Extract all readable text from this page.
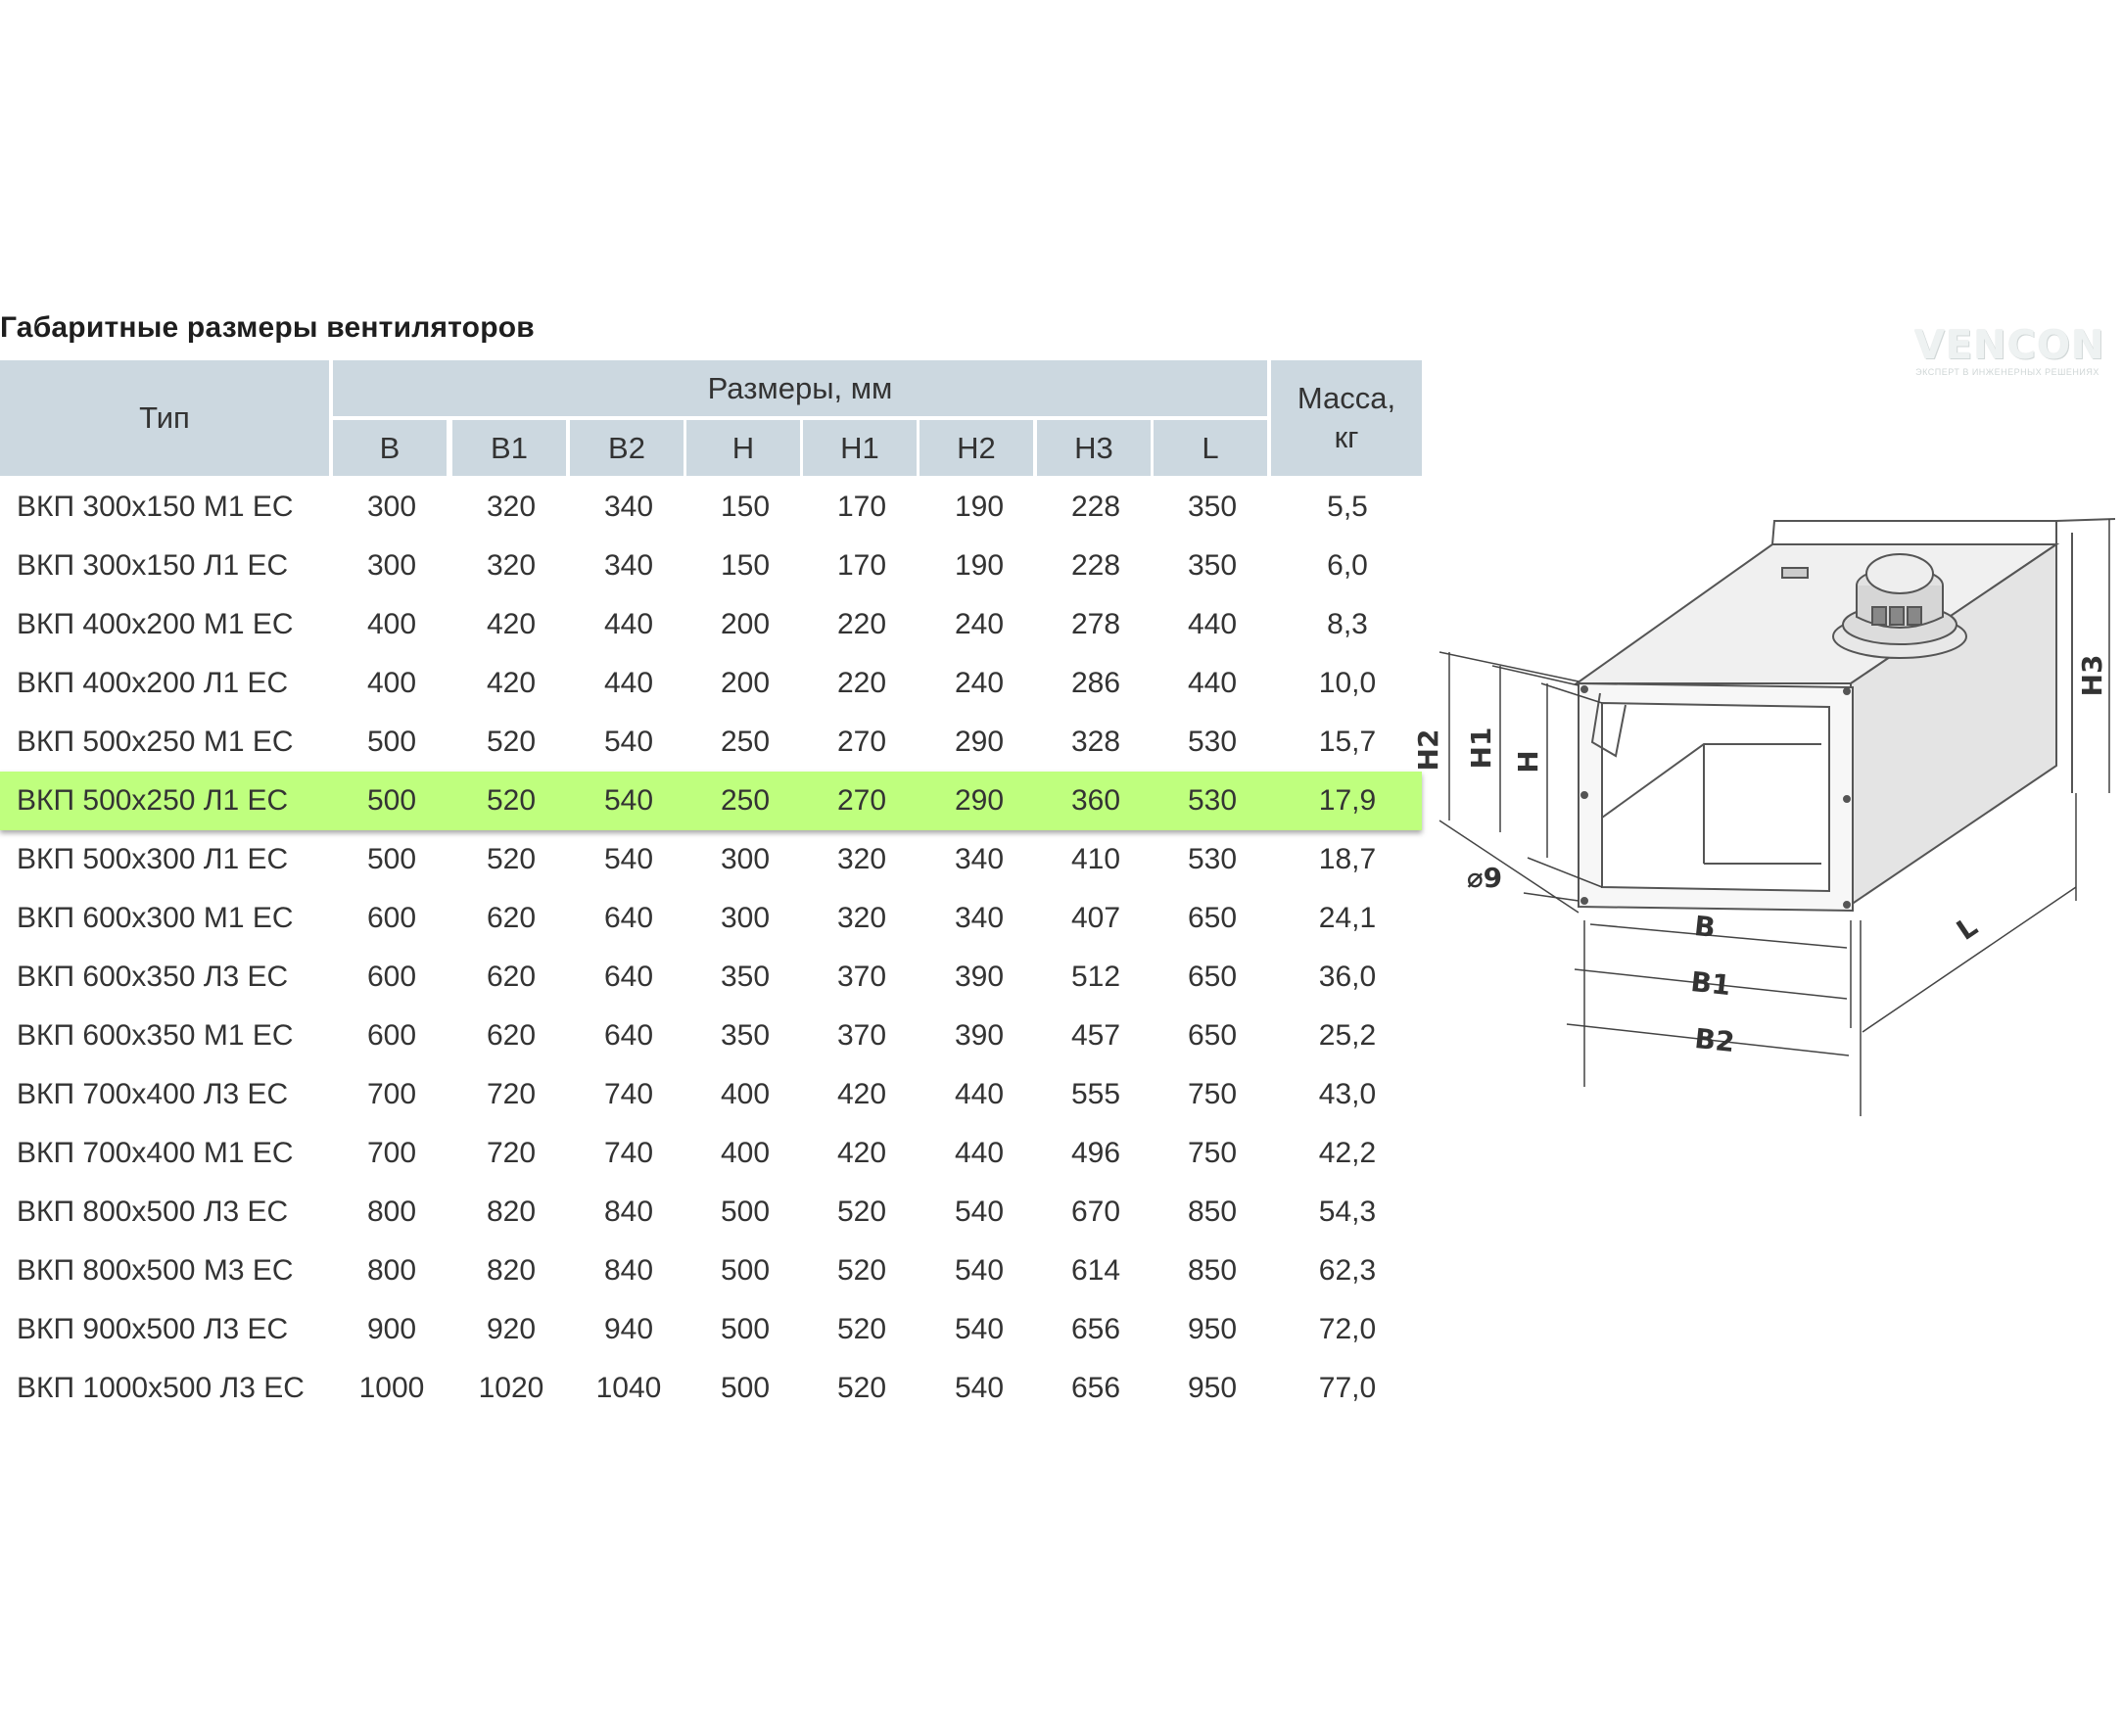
Габаритные размеры вентиляторов	VENCON
ЭКСПЕРТ В ИНЖЕНЕРНЫХ РЕШЕНИЯХ
Тип
Размеры, мм	Масса, кг
B	B1	B2	H	H1	H2	H3	L
ВКП 300х150 М1 ЕС	300	320	340	150	170	190	228	350	5,5
ВКП 300х150 Л1 ЕС	300	320	340	150	170	190	228	350	6,0
ВКП 400х200 М1 ЕС	400	420	440	200	220	240	278	440	8,3
ВКП 400х200 Л1 ЕС	400	420	440	200	220	240	286	440	10,0
ВКП 500х250 М1 ЕС	500	520	540	250	270	290	328	530	15,7
ВКП 500х250 Л1 ЕС	500	520	540	250	270	290	360	530	17,9
ВКП 500х300 Л1 ЕС	500	520	540	300	320	340	410	530	18,7
ВКП 600х300 М1 ЕС	600	620	640	300	320	340	407	650	24,1
ВКП 600х350 Л3 ЕС	600	620	640	350	370	390	512	650	36,0
ВКП 600х350 М1 ЕС	600	620	640	350	370	390	457	650	25,2
ВКП 700х400 Л3 ЕС	700	720	740	400	420	440	555	750	43,0
ВКП 700х400 М1 ЕС	700	720	740	400	420	440	496	750	42,2
ВКП 800х500 Л3 ЕС	800	820	840	500	520	540	670	850	54,3
ВКП 800х500 М3 ЕС	800	820	840	500	520	540	614	850	62,3
ВКП 900х500 Л3 ЕС	900	920	940	500	520	540	656	950	72,0
ВКП 1000х500 Л3 ЕС	1000	1020	1040	500	520	540	656	950	77,0
H2 H1 H
H3
⌀9
B
B1
B2
L
